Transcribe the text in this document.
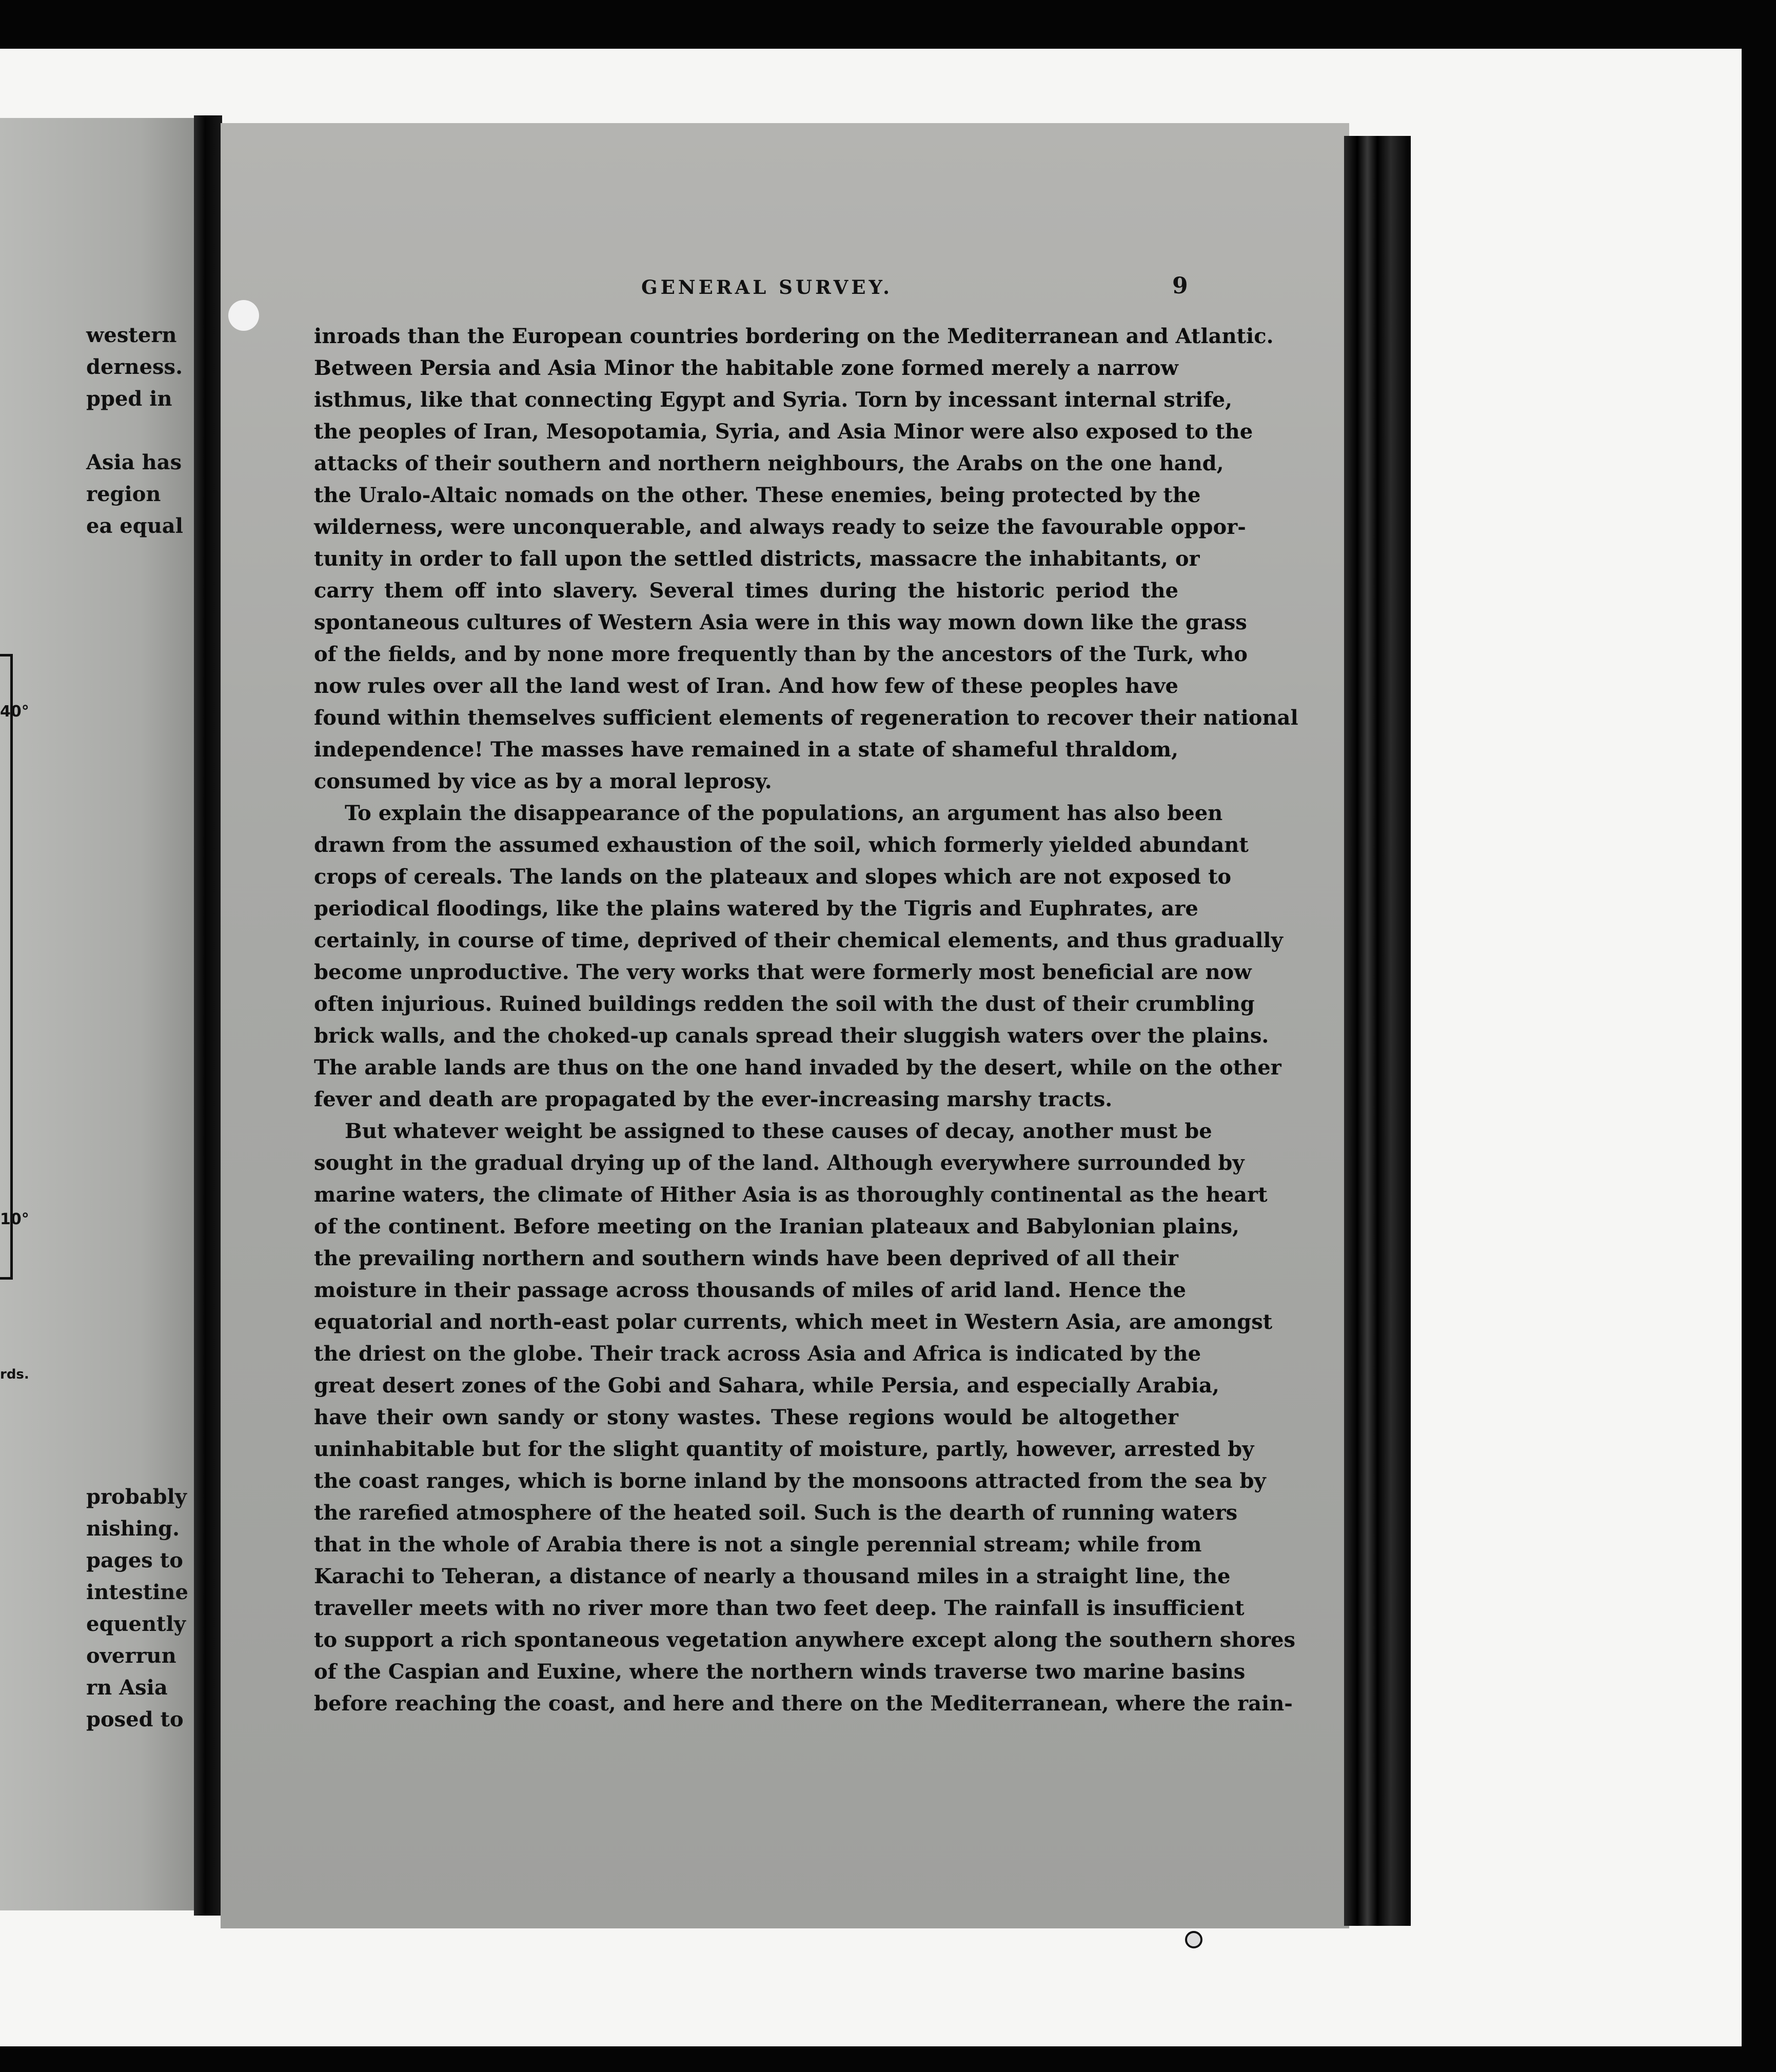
western
derness.
pped in
Asia has
region
ea equal
40°
10°
rds.
probably
nishing.
pages to
intestine
equently
overrun
rn Asia
posed to
GENERAL SURVEY.	9
inroads than the European countries bordering on the Mediterranean and Atlantic.
Between Persia and Asia Minor the habitable zone formed merely a narrow
isthmus, like that connecting Egypt and Syria. Torn by incessant internal strife,
the peoples of Iran, Mesopotamia, Syria, and Asia Minor were also exposed to the
attacks of their southern and northern neighbours, the Arabs on the one hand,
the Uralo-Altaic nomads on the other. These enemies, being protected by the
wilderness, were unconquerable, and always ready to seize the favourable oppor-
tunity in order to fall upon the settled districts, massacre the inhabitants, or
carry them off into slavery. Several times during the historic period the
spontaneous cultures of Western Asia were in this way mown down like the grass
of the fields, and by none more frequently than by the ancestors of the Turk, who
now rules over all the land west of Iran. And how few of these peoples have
found within themselves sufficient elements of regeneration to recover their national
independence! The masses have remained in a state of shameful thraldom,
consumed by vice as by a moral leprosy.
To explain the disappearance of the populations, an argument has also been
drawn from the assumed exhaustion of the soil, which formerly yielded abundant
crops of cereals. The lands on the plateaux and slopes which are not exposed to
periodical floodings, like the plains watered by the Tigris and Euphrates, are
certainly, in course of time, deprived of their chemical elements, and thus gradually
become unproductive. The very works that were formerly most beneficial are now
often injurious. Ruined buildings redden the soil with the dust of their crumbling
brick walls, and the choked-up canals spread their sluggish waters over the plains.
The arable lands are thus on the one hand invaded by the desert, while on the other
fever and death are propagated by the ever-increasing marshy tracts.
But whatever weight be assigned to these causes of decay, another must be
sought in the gradual drying up of the land. Although everywhere surrounded by
marine waters, the climate of Hither Asia is as thoroughly continental as the heart
of the continent. Before meeting on the Iranian plateaux and Babylonian plains,
the prevailing northern and southern winds have been deprived of all their
moisture in their passage across thousands of miles of arid land. Hence the
equatorial and north-east polar currents, which meet in Western Asia, are amongst
the driest on the globe. Their track across Asia and Africa is indicated by the
great desert zones of the Gobi and Sahara, while Persia, and especially Arabia,
have their own sandy or stony wastes. These regions would be altogether
uninhabitable but for the slight quantity of moisture, partly, however, arrested by
the coast ranges, which is borne inland by the monsoons attracted from the sea by
the rarefied atmosphere of the heated soil. Such is the dearth of running waters
that in the whole of Arabia there is not a single perennial stream; while from
Karachi to Teheran, a distance of nearly a thousand miles in a straight line, the
traveller meets with no river more than two feet deep. The rainfall is insufficient
to support a rich spontaneous vegetation anywhere except along the southern shores
of the Caspian and Euxine, where the northern winds traverse two marine basins
before reaching the coast, and here and there on the Mediterranean, where the rain-
